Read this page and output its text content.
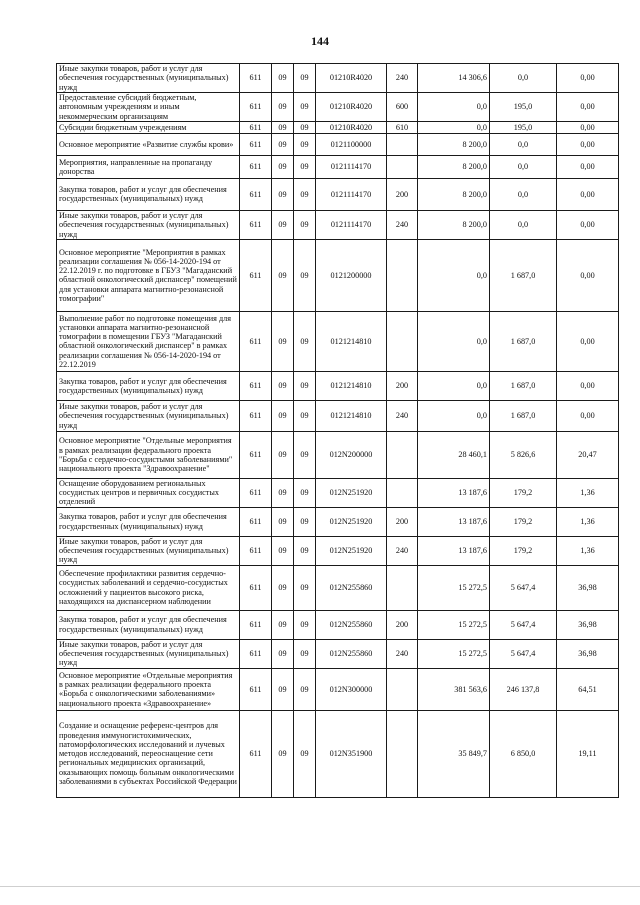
144
Иные закупки товаров, работ и услуг для обеспечения государственных (муниципальных) нужд	611	09	09	01210R4020	240	14 306,6	0,0	0,00
Предоставление субсидий бюджетным, автономным учреждениям и иным некоммерческим организациям	611	09	09	01210R4020	600	0,0	195,0	0,00
Субсидии бюджетным учреждениям	611	09	09	01210R4020	610	0,0	195,0	0,00
Основное мероприятие «Развитие службы крови»	611	09	09	0121100000		8 200,0	0,0	0,00
Мероприятия, направленные на пропаганду донорства	611	09	09	0121114170		8 200,0	0,0	0,00
Закупка товаров, работ и услуг для обеспечения государственных (муниципальных) нужд	611	09	09	0121114170	200	8 200,0	0,0	0,00
Иные закупки товаров, работ и услуг для обеспечения государственных (муниципальных) нужд	611	09	09	0121114170	240	8 200,0	0,0	0,00
Основное мероприятие "Мероприятия в рамках реализации соглашения № 056-14-2020-194 от 22.12.2019 г. по подготовке в ГБУЗ "Магаданский областной онкологический диспансер" помещений для установки аппарата магнитно-резонансной томографии"	611	09	09	0121200000		0,0	1 687,0	0,00
Выполнение работ по подготовке помещения для установки аппарата магнитно-резонансной томографии в помещении ГБУЗ "Магаданский областной онкологический диспансер" в рамках реализации соглашения № 056-14-2020-194 от 22.12.2019	611	09	09	0121214810		0,0	1 687,0	0,00
Закупка товаров, работ и услуг для обеспечения государственных (муниципальных) нужд	611	09	09	0121214810	200	0,0	1 687,0	0,00
Иные закупки товаров, работ и услуг для обеспечения государственных (муниципальных) нужд	611	09	09	0121214810	240	0,0	1 687,0	0,00
Основное мероприятие "Отдельные мероприятия в рамках реализации федерального проекта "Борьба с сердечно-сосудистыми заболеваниями" национального проекта "Здравоохранение"	611	09	09	012N200000		28 460,1	5 826,6	20,47
Оснащение оборудованием региональных сосудистых центров и первичных сосудистых отделений	611	09	09	012N251920		13 187,6	179,2	1,36
Закупка товаров, работ и услуг для обеспечения государственных (муниципальных) нужд	611	09	09	012N251920	200	13 187,6	179,2	1,36
Иные закупки товаров, работ и услуг для обеспечения государственных (муниципальных) нужд	611	09	09	012N251920	240	13 187,6	179,2	1,36
Обеспечение профилактики развития сердечно-сосудистых заболеваний и сердечно-сосудистых осложнений у пациентов высокого риска, находящихся на диспансерном наблюдении	611	09	09	012N255860		15 272,5	5 647,4	36,98
Закупка товаров, работ и услуг для обеспечения государственных (муниципальных) нужд	611	09	09	012N255860	200	15 272,5	5 647,4	36,98
Иные закупки товаров, работ и услуг для обеспечения государственных (муниципальных) нужд	611	09	09	012N255860	240	15 272,5	5 647,4	36,98
Основное мероприятие «Отдельные мероприятия в рамках реализации федерального проекта «Борьба с онкологическими заболеваниями» национального проекта «Здравоохранение»	611	09	09	012N300000		381 563,6	246 137,8	64,51
Создание и оснащение референс-центров для проведения иммуногистохимических, патоморфологических исследований и лучевых методов исследований, переоснащение сети региональных медицинских организаций, оказывающих помощь больным онкологическими заболеваниями в субъектах Российской Федерации	611	09	09	012N351900		35 849,7	6 850,0	19,11
